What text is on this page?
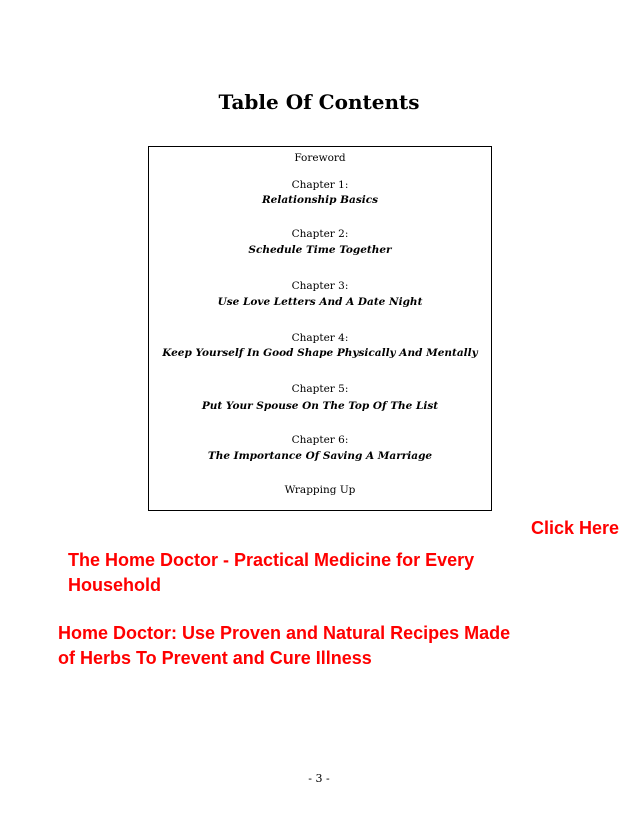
Table Of Contents
Foreword
Chapter 1:
Relationship Basics
Chapter 2:
Schedule Time Together
Chapter 3:
Use Love Letters And A Date Night
Chapter 4:
Keep Yourself In Good Shape Physically And Mentally
Chapter 5:
Put Your Spouse On The Top Of The List
Chapter 6:
The Importance Of Saving A Marriage
Wrapping Up
Click Here
The Home Doctor - Practical Medicine for Every Household
Home Doctor: Use Proven and Natural Recipes Made of Herbs To Prevent and Cure Illness
- 3 -
